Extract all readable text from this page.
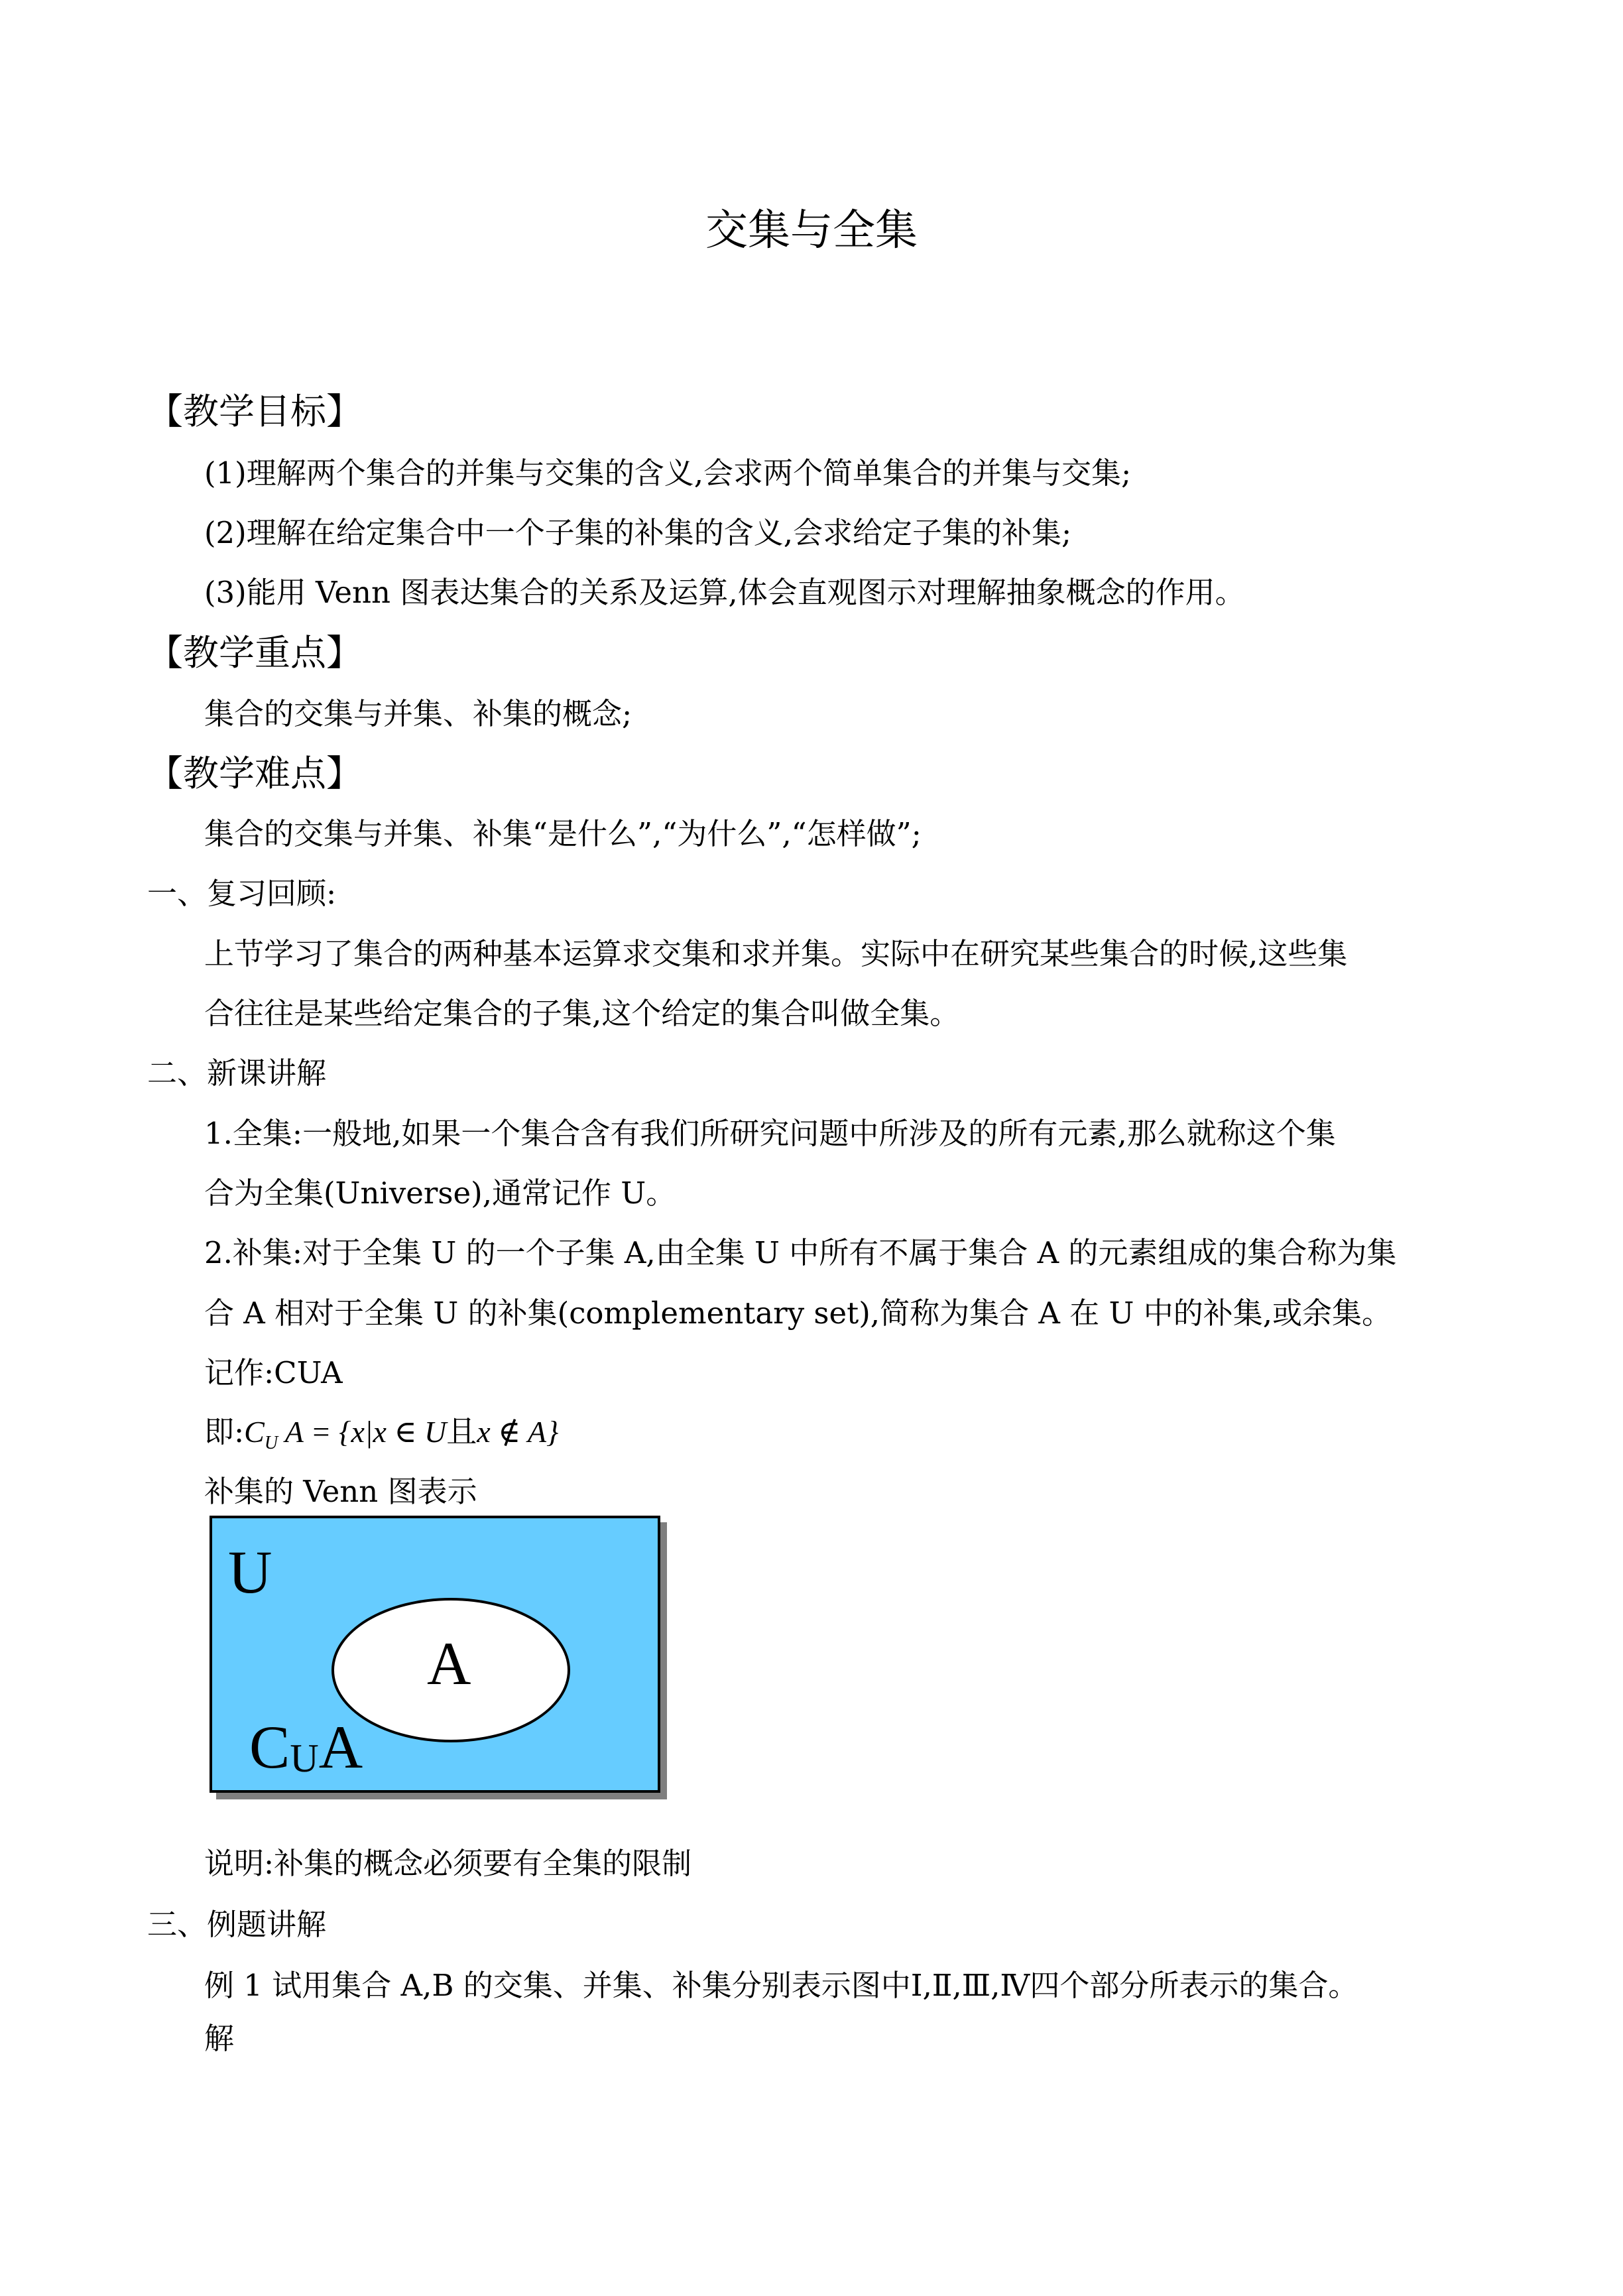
交集与全集
【教学目标】
(1)理解两个集合的并集与交集的含义,会求两个简单集合的并集与交集;
(2)理解在给定集合中一个子集的补集的含义,会求给定子集的补集;
(3)能用 Venn 图表达集合的关系及运算,体会直观图示对理解抽象概念的作用。
【教学重点】
集合的交集与并集、补集的概念;
【教学难点】
集合的交集与并集、补集“是什么”,“为什么”,“怎样做”;
一、复习回顾:
上节学习了集合的两种基本运算求交集和求并集。实际中在研究某些集合的时候,这些集
合往往是某些给定集合的子集,这个给定的集合叫做全集。
二、新课讲解
1.全集:一般地,如果一个集合含有我们所研究问题中所涉及的所有元素,那么就称这个集
合为全集(Universe),通常记作 U。
2.补集:对于全集 U 的一个子集 A,由全集 U 中所有不属于集合 A 的元素组成的集合称为集
合 A 相对于全集 U 的补集(complementary set),简称为集合 A 在 U 中的补集,或余集。
记作:CUA
即$:C_U$ A = {x|x ∈ U且x ∉ A}
补集的 Venn 图表示
U
A
$C_UA$
说明:补集的概念必须要有全集的限制
三、例题讲解
例 1 试用集合 A,B 的交集、并集、补集分别表示图中Ⅰ,Ⅱ,Ⅲ,Ⅳ四个部分所表示的集合。
解
